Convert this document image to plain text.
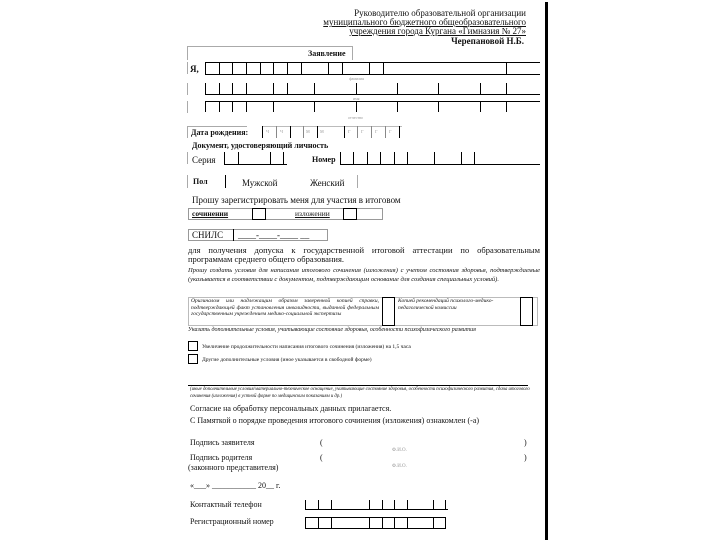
Руководителю образовательной организации
муниципального бюджетного общеобразовательного
учреждения города Кургана «Гимназия № 27»
Черепановой Н.Б.
Заявление
Я,
фамилия
имя
отчество
Дата рождения:	ч ч	м м	г г г г
Документ, удостоверяющий личность
Серия	Номер
Пол	Мужской	Женский
Прошу зарегистрировать меня для участия в итоговом
сочинении	изложении
СНИЛС ____-____-____ __
для получения допуска к государственной итоговой аттестации по образовательным программам среднего общего образования.
Прошу создать условия для написания итогового сочинения (изложения) с учетом состояния здоровья, подтверждаемые (указывается в соответствии с документом, подтверждающим основание для создания специальных условий).
Оригиналом или надлежащим образом заверенной копией справки, подтверждающей факт установления инвалидности, выданной федеральным государственным учреждением медико-социальной экспертизы
Копией рекомендаций психолого-медико-педагогической комиссии
Указать дополнительные условия, учитывающие состояние здоровья, особенности психофизического развития
Увеличение продолжительности написания итогового сочинения (изложения) на 1,5 часа
Другие дополнительные условия (иное указывается в свободной форме)
(иные дополнительные условия/материально-техническое оснащение, учитывающие состояние здоровья, особенности психофизического развития, сдача итогового сочинения (изложения) в устной форме по медицинским показаниям и др.)
Согласие на обработку персональных данных прилагается.
С Памяткой о порядке проведения итогового сочинения (изложения) ознакомлен (-а)
Подпись заявителя	(	)
Ф.И.О.
Подпись родителя
(законного представителя)
(	)
Ф.И.О.
«___» ___________ 20__ г.
Контактный телефон
Регистрационный номер
